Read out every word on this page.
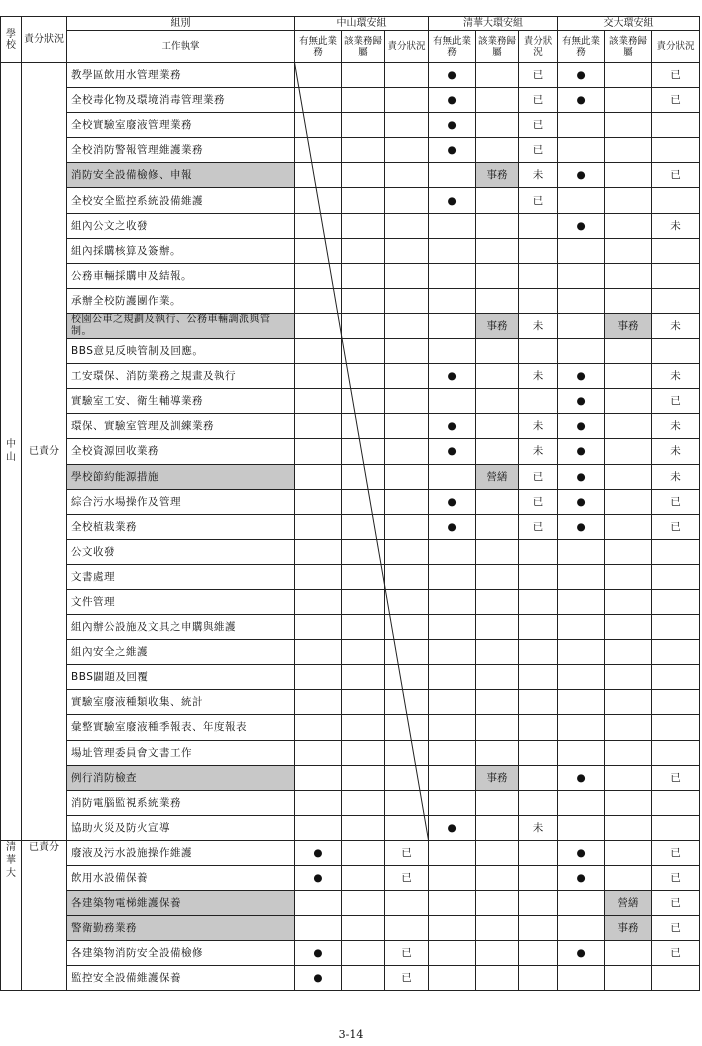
學校	責分狀況	組別	中山環安組			清華大環安組			交大環安組		
		工作執掌	有無此業務	該業務歸屬	責分狀況	有無此業務	該業務歸屬	責分狀況	有無此業務	該業務歸屬	責分狀況
中山	已責分	教學區飲用水管理業務				●		已	●		已
		全校毒化物及環境消毒管理業務				●		已	●		已
		全校實驗室廢液管理業務				●		已			
		全校消防警報管理維護業務				●		已			
		消防安全設備檢修、申報					事務	未	●		已
		全校安全監控系統設備維護				●		已			
		組內公文之收發							●		未
		組內採購核算及簽辦。									
		公務車輛採購申及結報。									
		承辦全校防護團作業。									
		校園公車之規劃及執行、公務車輛調派與管制。					事務	未		事務	未
		BBS意見反映管制及回應。									
		工安環保、消防業務之規畫及執行				●		未	●		未
		實驗室工安、衛生輔導業務							●		已
		環保、實驗室管理及訓練業務				●		未	●		未
		全校資源回收業務				●		未	●		未
		學校節約能源措施					營繕	已	●		未
		綜合污水場操作及管理				●		已	●		已
		全校植栽業務				●		已	●		已
		公文收發									
		文書處理									
		文件管理									
		組內辦公設施及文具之申購與維護									
		組內安全之維護									
		BBS闢題及回覆									
		實驗室廢液種類收集、統計									
		彙整實驗室廢液種季報表、年度報表									
		場址管理委員會文書工作									
		例行消防檢查					事務		●		已
		消防電腦監視系統業務									
		協助火災及防火宣導				●		未			
清華大	已責分	廢液及污水設施操作維護	●		已				●		已
		飲用水設備保養	●		已				●		已
		各建築物電梯維護保養								營繕	已
		警衛勤務業務								事務	已
		各建築物消防安全設備檢修	●		已				●		已
		監控安全設備維護保養	●		已						
3-14
